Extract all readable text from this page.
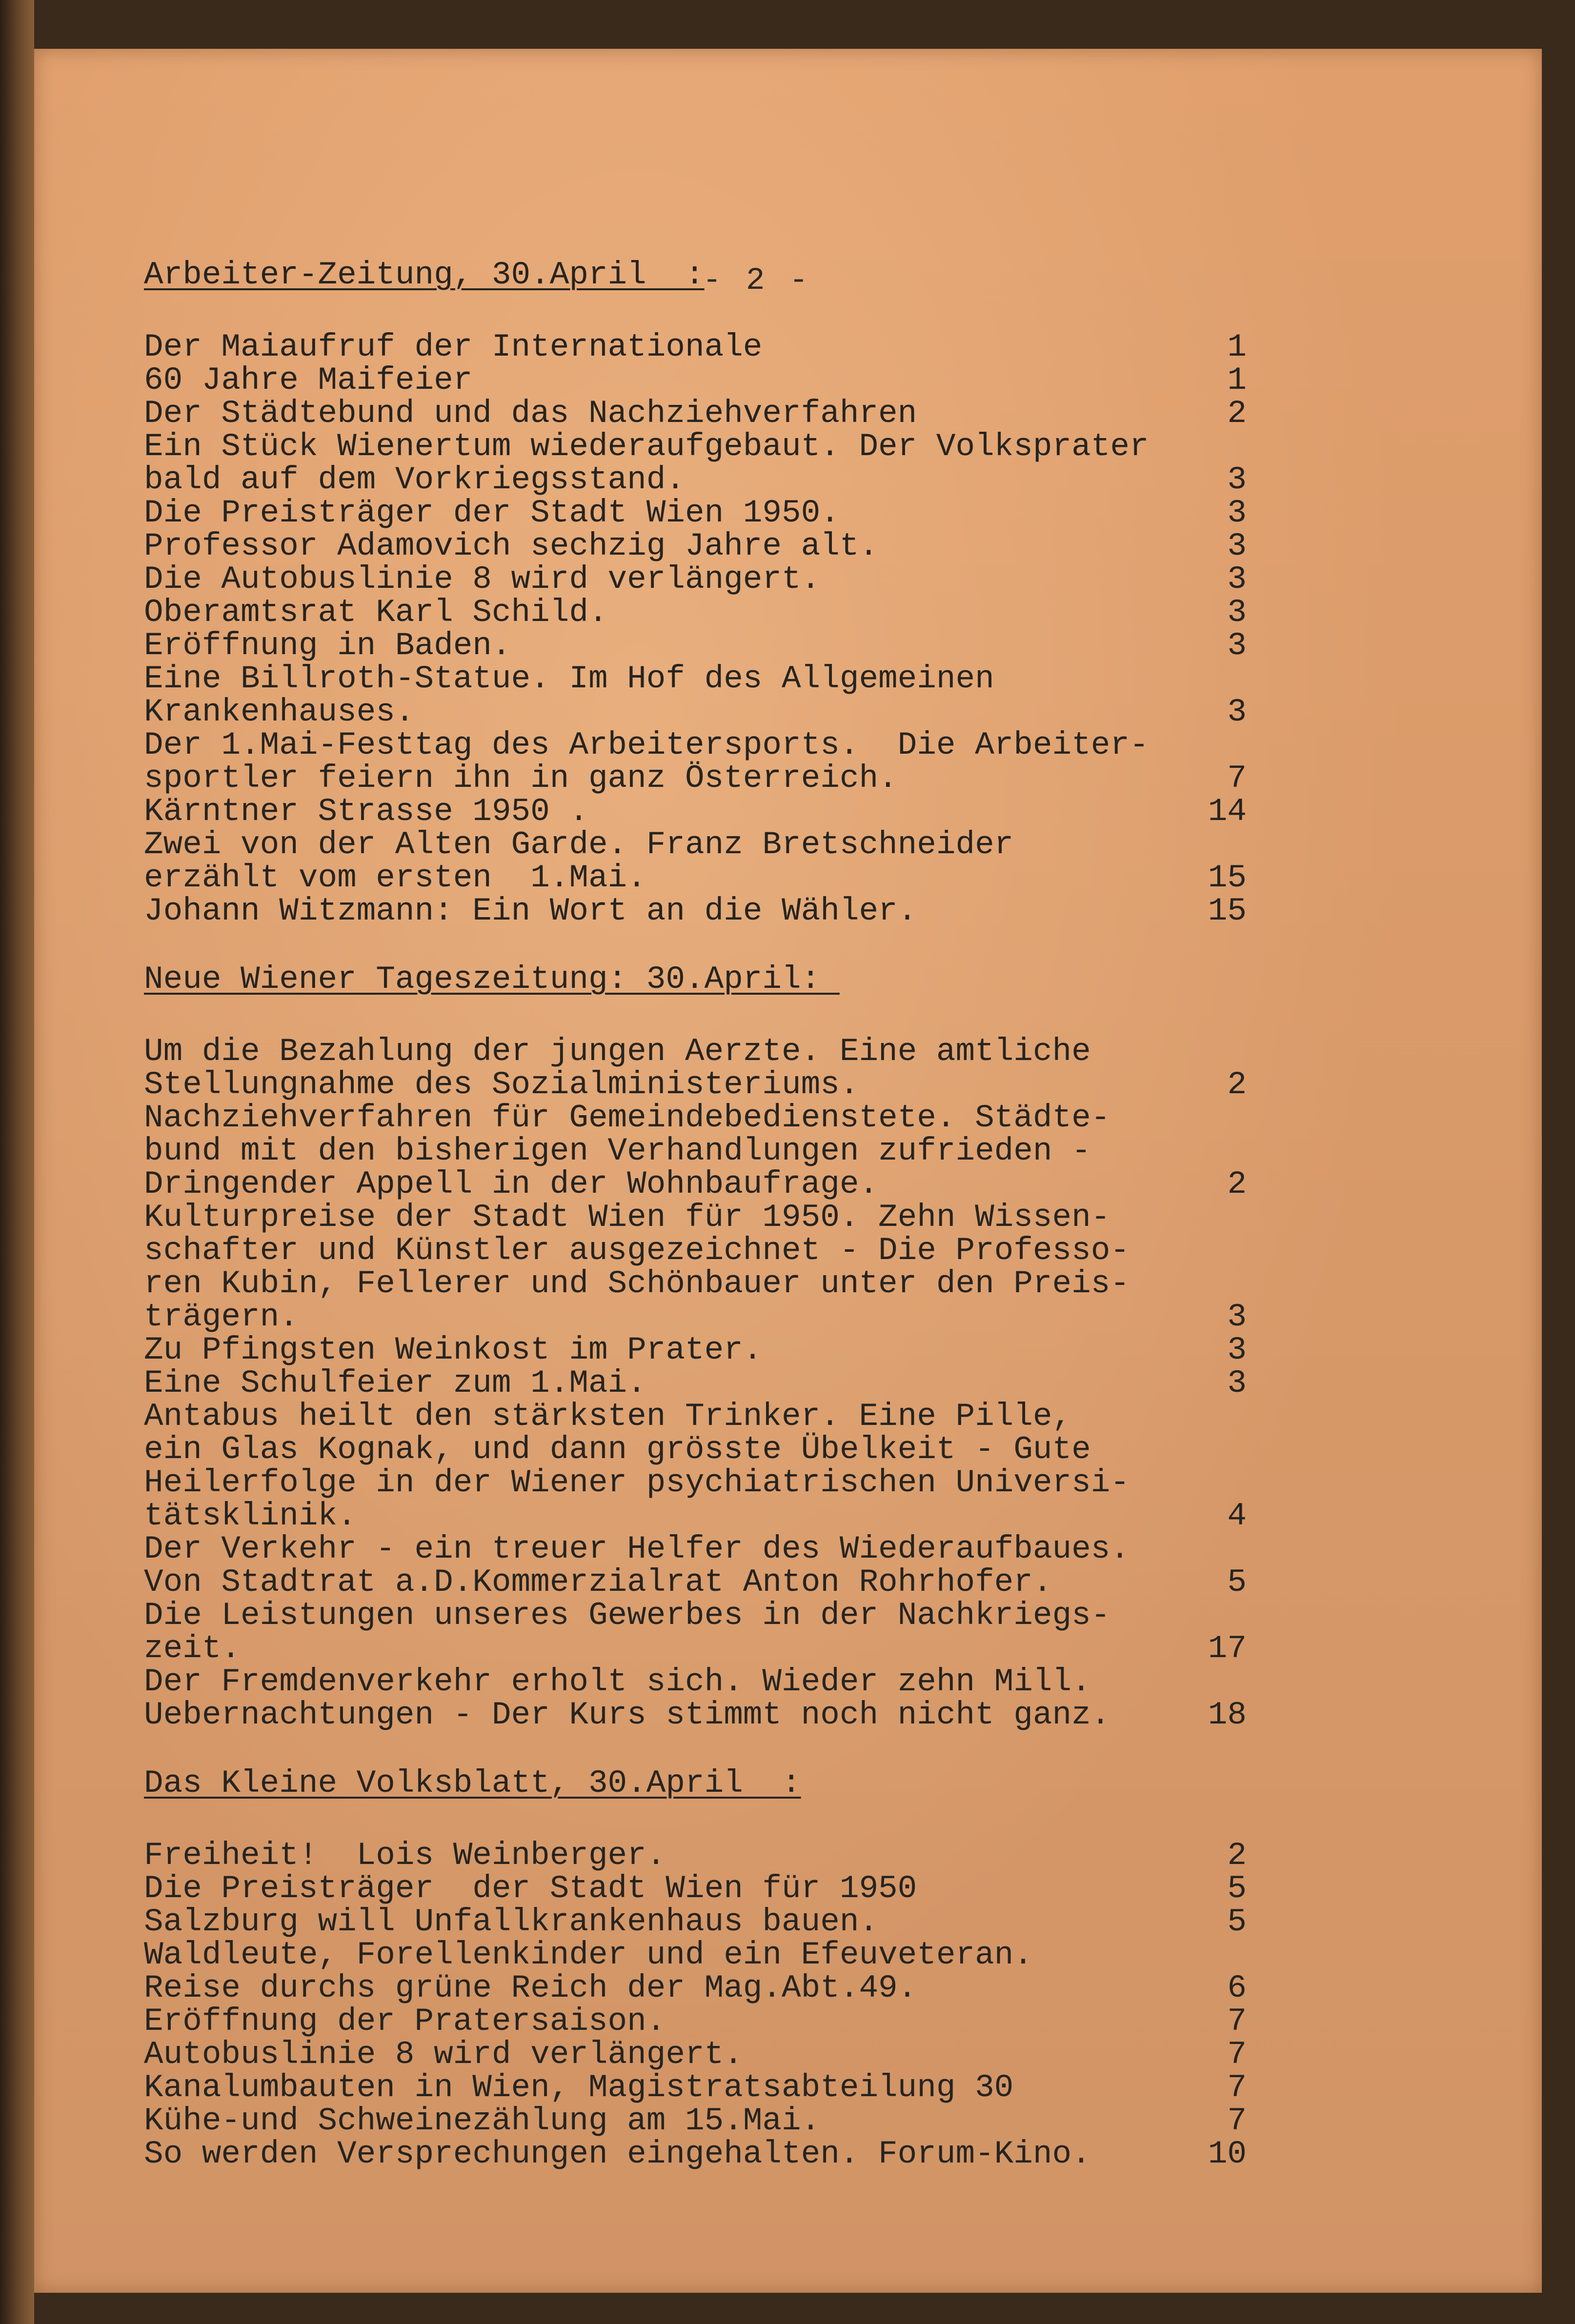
- 2 -
Arbeiter-Zeitung, 30.April  :
Der Maiaufruf der Internationale	1
60 Jahre Maifeier	1
Der Städtebund und das Nachziehverfahren	2
Ein Stück Wienertum wiederaufgebaut. Der Volksprater
bald auf dem Vorkriegsstand.	3
Die Preisträger der Stadt Wien 1950.	3
Professor Adamovich sechzig Jahre alt.	3
Die Autobuslinie 8 wird verlängert.	3
Oberamtsrat Karl Schild.	3
Eröffnung in Baden.	3
Eine Billroth-Statue. Im Hof des Allgemeinen
Krankenhauses.	3
Der 1.Mai-Festtag des Arbeitersports.  Die Arbeiter-
sportler feiern ihn in ganz Österreich.	7
Kärntner Strasse 1950 .	14
Zwei von der Alten Garde. Franz Bretschneider
erzählt vom ersten  1.Mai.	15
Johann Witzmann: Ein Wort an die Wähler.	15
Neue Wiener Tageszeitung: 30.April:
Um die Bezahlung der jungen Aerzte. Eine amtliche
Stellungnahme des Sozialministeriums.	2
Nachziehverfahren für Gemeindebedienstete. Städte-
bund mit den bisherigen Verhandlungen zufrieden -
Dringender Appell in der Wohnbaufrage.	2
Kulturpreise der Stadt Wien für 1950. Zehn Wissen-
schafter und Künstler ausgezeichnet - Die Professo-
ren Kubin, Fellerer und Schönbauer unter den Preis-
trägern.	3
Zu Pfingsten Weinkost im Prater.	3
Eine Schulfeier zum 1.Mai.	3
Antabus heilt den stärksten Trinker. Eine Pille,
ein Glas Kognak, und dann grösste Übelkeit - Gute
Heilerfolge in der Wiener psychiatrischen Universi-
tätsklinik.	4
Der Verkehr - ein treuer Helfer des Wiederaufbaues.
Von Stadtrat a.D.Kommerzialrat Anton Rohrhofer.	5
Die Leistungen unseres Gewerbes in der Nachkriegs-
zeit.	17
Der Fremdenverkehr erholt sich. Wieder zehn Mill.
Uebernachtungen - Der Kurs stimmt noch nicht ganz.	18
Das Kleine Volksblatt, 30.April  :
Freiheit!  Lois Weinberger.	2
Die Preisträger  der Stadt Wien für 1950	5
Salzburg will Unfallkrankenhaus bauen.	5
Waldleute, Forellenkinder und ein Efeuveteran.
Reise durchs grüne Reich der Mag.Abt.49.	6
Eröffnung der Pratersaison.	7
Autobuslinie 8 wird verlängert.	7
Kanalumbauten in Wien, Magistratsabteilung 30	7
Kühe-und Schweinezählung am 15.Mai.	7
So werden Versprechungen eingehalten. Forum-Kino.	10
